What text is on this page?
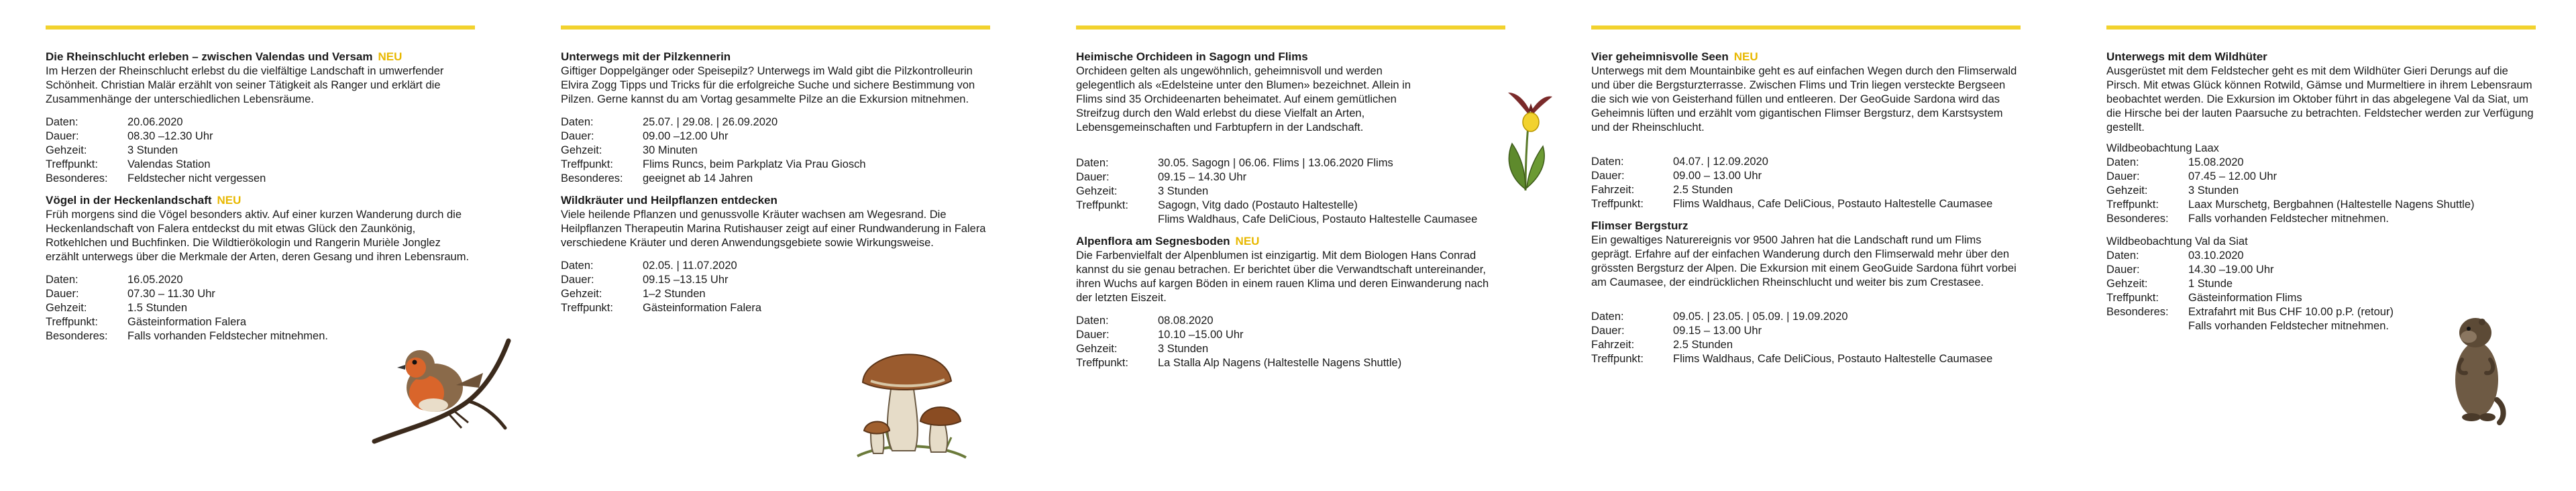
Die Rheinschlucht erleben – zwischen Valendas und Versam NEU

Im Herzen der Rheinschlucht erlebst du die vielfältige Landschaft in umwerfender Schönheit. Christian Malär erzählt von seiner Tätigkeit als Ranger und erklärt die Zusammenhänge der unterschiedlichen Lebensräume.

Daten:	20.06.2020
Dauer:	08.30 –12.30 Uhr
Gehzeit:	3 Stunden
Treffpunkt:	Valendas Station
Besonderes:	Feldstecher nicht vergessen

Vögel in der Heckenlandschaft NEU

Früh morgens sind die Vögel besonders aktiv. Auf einer kurzen Wanderung durch die Heckenlandschaft von Falera entdeckst du mit etwas Glück den Zaunkönig, Rotkehlchen und Buchfinken. Die Wildtierökologin und Rangerin Murièle Jonglez erzählt unterwegs über die Merkmale der Arten, deren Gesang und ihren Lebensraum.

Daten:	16.05.2020
Dauer:	07.30 – 11.30 Uhr
Gehzeit:	1.5 Stunden
Treffpunkt:	Gästeinformation Falera
Besonderes:	Falls vorhanden Feldstecher mitnehmen.

Unterwegs mit der Pilzkennerin

Giftiger Doppelgänger oder Speisepilz? Unterwegs im Wald gibt die Pilzkontrolleurin Elvira Zogg Tipps und Tricks für die erfolgreiche Suche und sichere Bestimmung von Pilzen. Gerne kannst du am Vortag gesammelte Pilze an die Exkursion mitnehmen.

Daten:	25.07. | 29.08. | 26.09.2020
Dauer:	09.00 –12.00 Uhr
Gehzeit:	30 Minuten
Treffpunkt:	Flims Runcs, beim Parkplatz Via Prau Giosch
Besonderes:	geeignet ab 14 Jahren

Wildkräuter und Heilpflanzen entdecken

Viele heilende Pflanzen und genussvolle Kräuter wachsen am Wegesrand. Die Heilpflanzen Therapeutin Marina Rutishauser zeigt auf einer Rundwanderung in Falera verschiedene Kräuter und deren Anwendungsgebiete sowie Wirkungsweise.

Daten:	02.05. | 11.07.2020
Dauer:	09.15 –13.15 Uhr
Gehzeit:	1–2 Stunden
Treffpunkt:	Gästeinformation Falera

Heimische Orchideen in Sagogn und Flims

Orchideen gelten als ungewöhnlich, geheimnisvoll und werden gelegentlich als «Edelsteine unter den Blumen» bezeichnet. Allein in Flims sind 35 Orchideenarten beheimatet. Auf einem gemütlichen Streifzug durch den Wald erlebst du diese Vielfalt an Arten, Lebensgemeinschaften und Farbtupfern in der Landschaft.

Daten:	30.05. Sagogn | 06.06. Flims | 13.06.2020 Flims
Dauer:	09.15 – 14.30 Uhr
Gehzeit:	3 Stunden
Treffpunkt:	Sagogn, Vitg dado (Postauto Haltestelle)
Flims Waldhaus, Cafe DeliCious, Postauto Haltestelle Caumasee

Alpenflora am Segnesboden NEU

Die Farbenvielfalt der Alpenblumen ist einzigartig. Mit dem Biologen Hans Conrad kannst du sie genau betrachen. Er berichtet über die Verwandtschaft untereinander, ihren Wuchs auf kargen Böden in einem rauen Klima und deren Einwanderung nach der letzten Eiszeit.

Daten:	08.08.2020
Dauer:	10.10 –15.00 Uhr
Gehzeit:	3 Stunden
Treffpunkt:	La Stalla Alp Nagens (Haltestelle Nagens Shuttle)

Vier geheimnisvolle Seen NEU

Unterwegs mit dem Mountainbike geht es auf einfachen Wegen durch den Flimserwald und über die Bergsturzterrasse. Zwischen Flims und Trin liegen versteckte Bergseen die sich wie von Geisterhand füllen und entleeren. Der GeoGuide Sardona wird das Geheimnis lüften und erzählt vom gigantischen Flimser Bergsturz, dem Karstsystem und der Rheinschlucht.

Daten:	04.07. | 12.09.2020
Dauer:	09.00 – 13.00 Uhr
Fahrzeit:	2.5 Stunden
Treffpunkt:	Flims Waldhaus, Cafe DeliCious, Postauto Haltestelle Caumasee

Flimser Bergsturz

Ein gewaltiges Naturereignis vor 9500 Jahren hat die Landschaft rund um Flims geprägt. Erfahre auf der einfachen Wanderung durch den Flimserwald mehr über den grössten Bergsturz der Alpen. Die Exkursion mit einem GeoGuide Sardona führt vorbei am Caumasee, der eindrücklichen Rheinschlucht und weiter bis zum Crestasee.

Daten:	09.05. | 23.05. | 05.09. | 19.09.2020
Dauer:	09.15 – 13.00 Uhr
Fahrzeit:	2.5 Stunden
Treffpunkt:	Flims Waldhaus, Cafe DeliCious, Postauto Haltestelle Caumasee

Unterwegs mit dem Wildhüter

Ausgerüstet mit dem Feldstecher geht es mit dem Wildhüter Gieri Derungs auf die Pirsch. Mit etwas Glück können Rotwild, Gämse und Murmeltiere in ihrem Lebensraum beobachtet werden. Die Exkursion im Oktober führt in das abgelegene Val da Siat, um die Hirsche bei der lauten Paarsuche zu betrachten. Feldstecher werden zur Verfügung gestellt.

Wildbeobachtung Laax

Daten:	15.08.2020
Dauer:	07.45 – 12.00 Uhr
Gehzeit:	3 Stunden
Treffpunkt:	Laax Murschetg, Bergbahnen (Haltestelle Nagens Shuttle)
Besonderes:	Falls vorhanden Feldstecher mitnehmen.

Wildbeobachtung Val da Siat

Daten:	03.10.2020
Dauer:	14.30 –19.00 Uhr
Gehzeit:	1 Stunde
Treffpunkt:	Gästeinformation Flims
Besonderes:	Extrafahrt mit Bus CHF 10.00 p.P. (retour)
Falls vorhanden Feldstecher mitnehmen.
